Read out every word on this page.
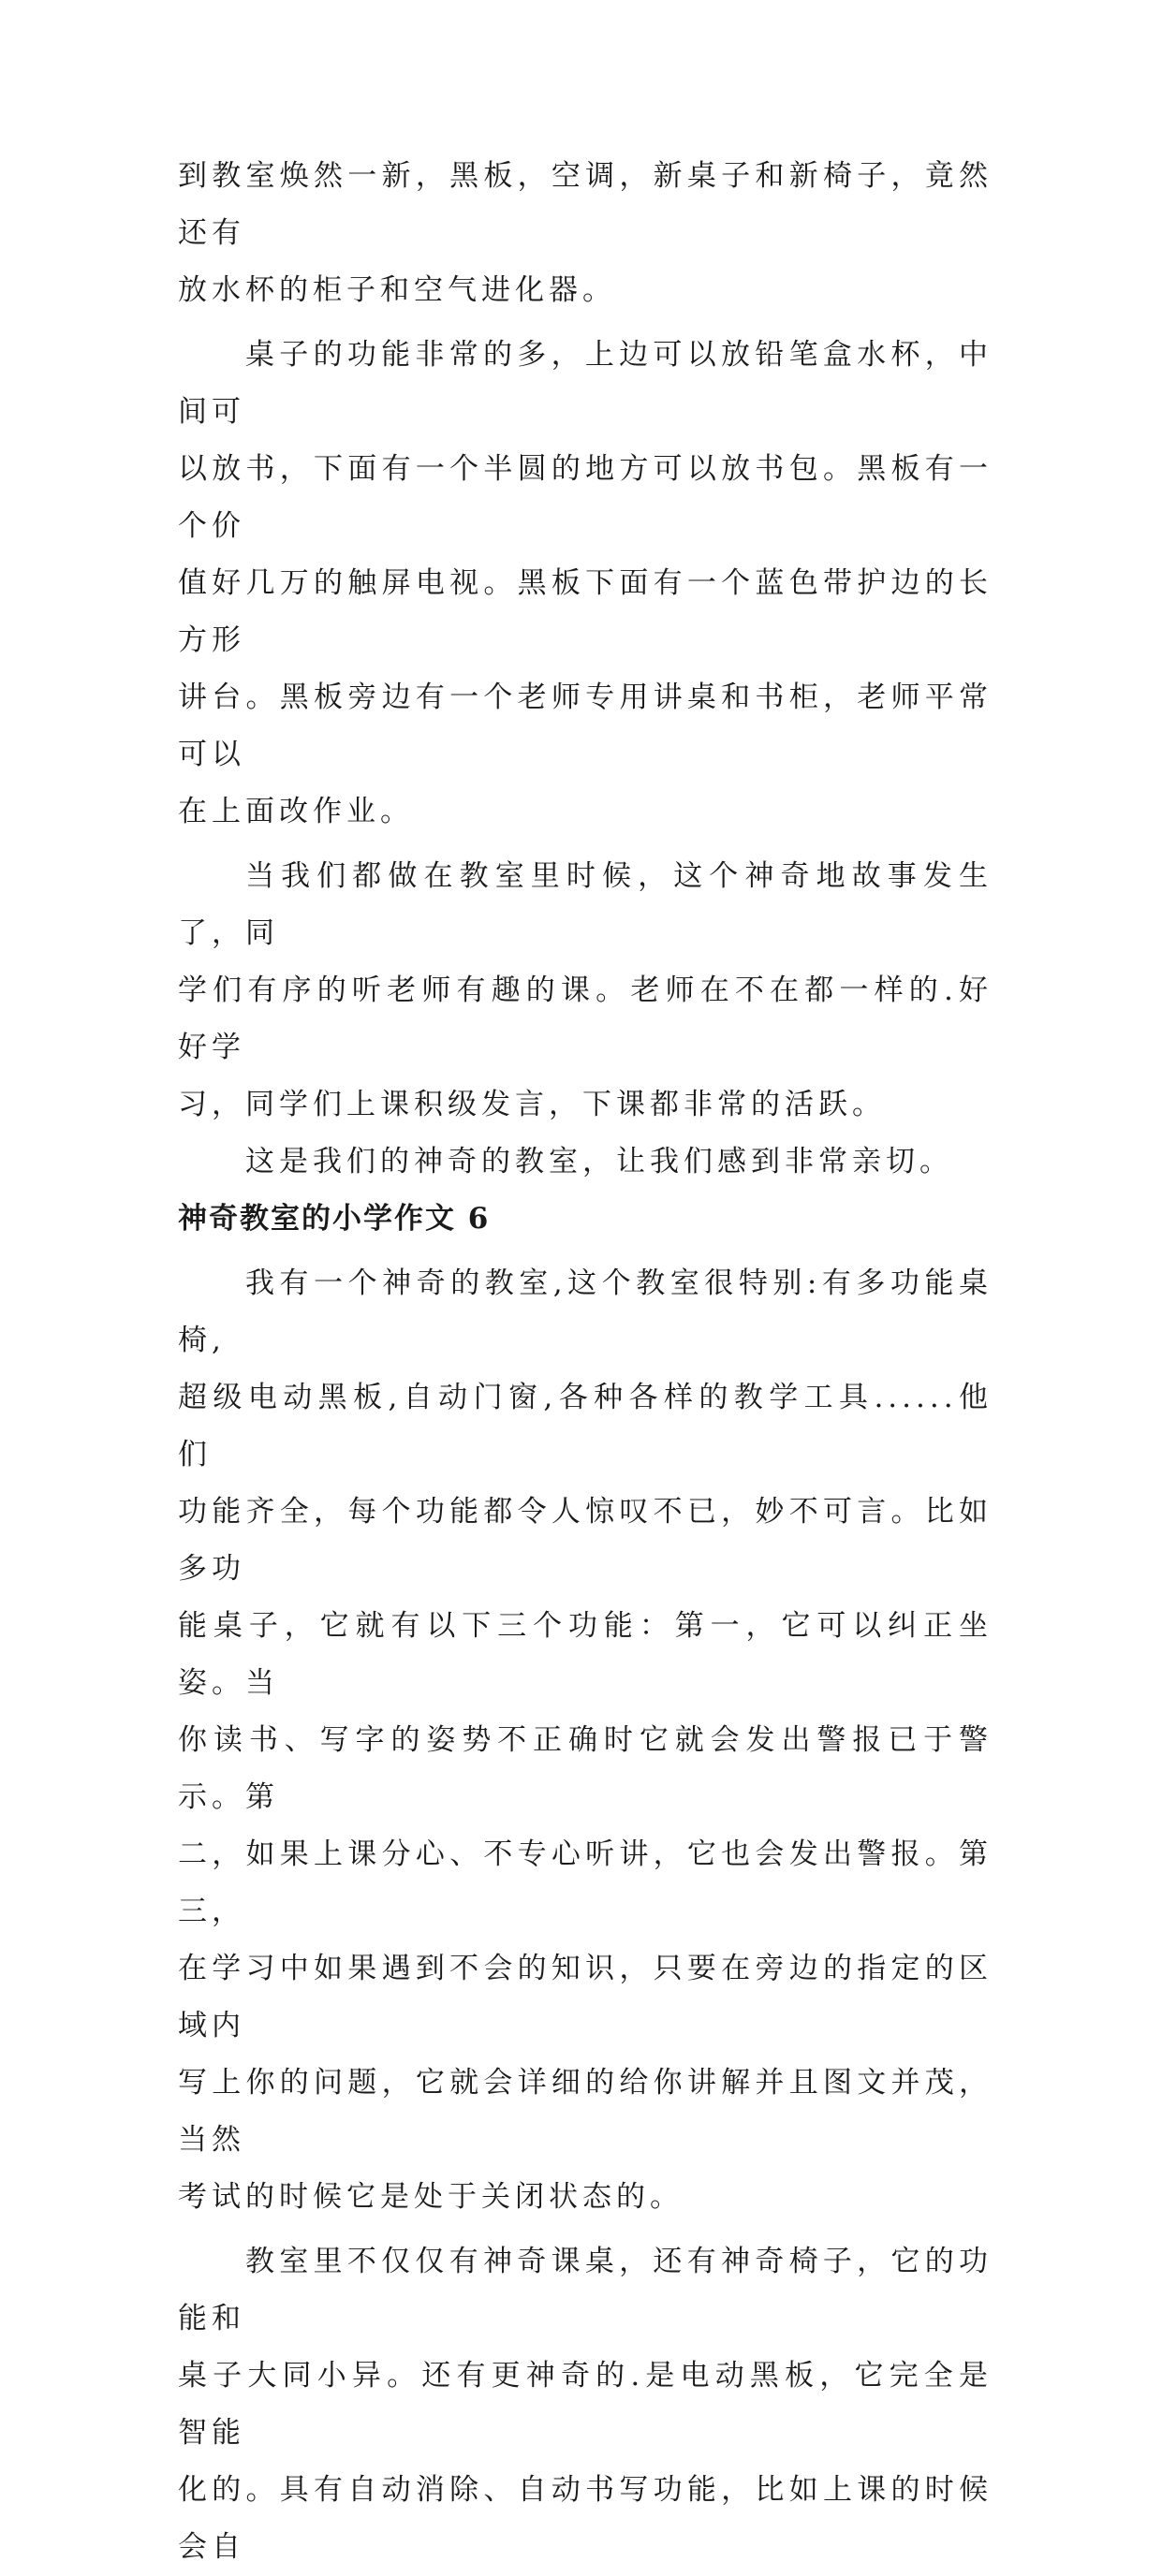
到教室焕然一新，黑板，空调，新桌子和新椅子，竟然还有
放水杯的柜子和空气进化器。

桌子的功能非常的多，上边可以放铅笔盒水杯，中间可
以放书，下面有一个半圆的地方可以放书包。黑板有一个价
值好几万的触屏电视。黑板下面有一个蓝色带护边的长方形
讲台。黑板旁边有一个老师专用讲桌和书柜，老师平常可以
在上面改作业。

当我们都做在教室里时候，这个神奇地故事发生了，同
学们有序的听老师有趣的课。老师在不在都一样的.好好学
习，同学们上课积级发言，下课都非常的活跃。

这是我们的神奇的教室，让我们感到非常亲切。

神奇教室的小学作文 6

我有一个神奇的教室,这个教室很特别:有多功能桌椅,
超级电动黑板,自动门窗,各种各样的教学工具......他们
功能齐全，每个功能都令人惊叹不已，妙不可言。比如多功
能桌子，它就有以下三个功能：第一，它可以纠正坐姿。当
你读书、写字的姿势不正确时它就会发出警报已于警示。第
二，如果上课分心、不专心听讲，它也会发出警报。第三，
在学习中如果遇到不会的知识，只要在旁边的指定的区域内
写上你的问题，它就会详细的给你讲解并且图文并茂，当然
考试的时候它是处于关闭状态的。

教室里不仅仅有神奇课桌，还有神奇椅子，它的功能和
桌子大同小异。还有更神奇的.是电动黑板，它完全是智能
化的。具有自动消除、自动书写功能，比如上课的时候会自
